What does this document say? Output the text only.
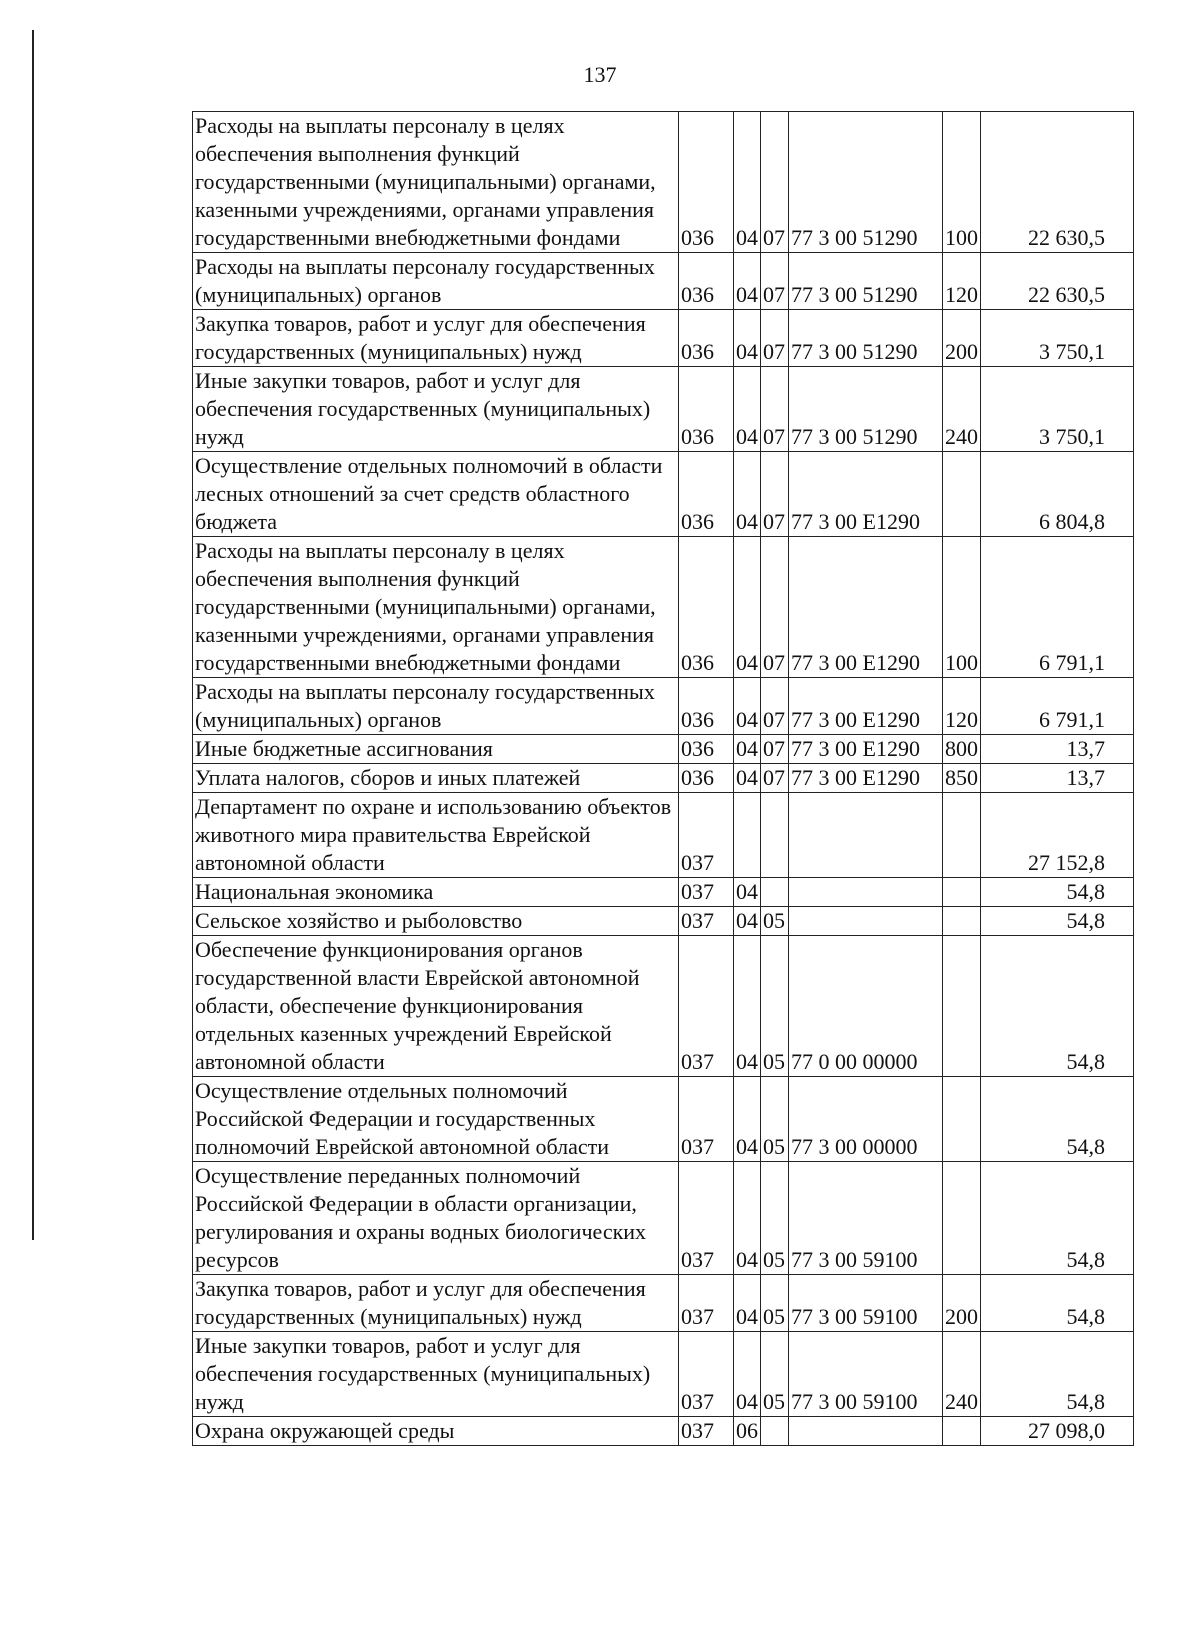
137
Расходы на выплаты персоналу в целях обеспечения выполнения функций государственными (муниципальными) органами, казенными учреждениями, органами управления государственными внебюджетными фондами	036	04	07	77 3 00 51290	100	22 630,5
Расходы на выплаты персоналу государственных (муниципальных) органов	036	04	07	77 3 00 51290	120	22 630,5
Закупка товаров, работ и услуг для обеспечения государственных (муниципальных) нужд	036	04	07	77 3 00 51290	200	3 750,1
Иные закупки товаров, работ и услуг для обеспечения государственных (муниципальных) нужд	036	04	07	77 3 00 51290	240	3 750,1
Осуществление отдельных полномочий в области лесных отношений за счет средств областного бюджета	036	04	07	77 3 00 E1290		6 804,8
Расходы на выплаты персоналу в целях обеспечения выполнения функций государственными (муниципальными) органами, казенными учреждениями, органами управления государственными внебюджетными фондами	036	04	07	77 3 00 E1290	100	6 791,1
Расходы на выплаты персоналу государственных (муниципальных) органов	036	04	07	77 3 00 E1290	120	6 791,1
Иные бюджетные ассигнования	036	04	07	77 3 00 E1290	800	13,7
Уплата налогов, сборов и иных платежей	036	04	07	77 3 00 E1290	850	13,7
Департамент по охране и использованию объектов животного мира правительства Еврейской автономной области	037					27 152,8
Национальная экономика	037	04				54,8
Сельское хозяйство и рыболовство	037	04	05			54,8
Обеспечение функционирования органов государственной власти Еврейской автономной области, обеспечение функционирования отдельных казенных учреждений Еврейской автономной области	037	04	05	77 0 00 00000		54,8
Осуществление отдельных полномочий Российской Федерации и государственных полномочий Еврейской автономной области	037	04	05	77 3 00 00000		54,8
Осуществление переданных полномочий Российской Федерации в области организации, регулирования и охраны водных биологических ресурсов	037	04	05	77 3 00 59100		54,8
Закупка товаров, работ и услуг для обеспечения государственных (муниципальных) нужд	037	04	05	77 3 00 59100	200	54,8
Иные закупки товаров, работ и услуг для обеспечения государственных (муниципальных) нужд	037	04	05	77 3 00 59100	240	54,8
Охрана окружающей среды	037	06				27 098,0
